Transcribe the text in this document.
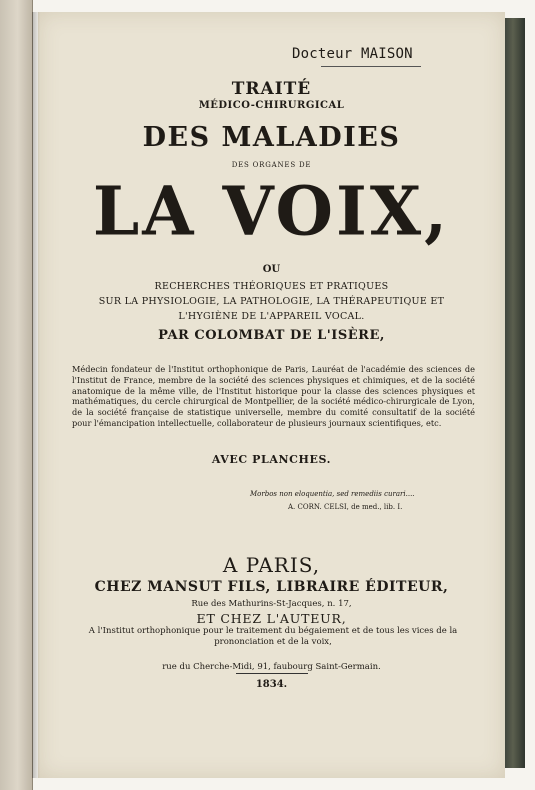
Docteur MAISON
TRAITÉ
MÉDICO-CHIRURGICAL
DES MALADIES
DES ORGANES DE
LA VOIX,
OU
RECHERCHES THÉORIQUES ET PRATIQUES
SUR LA PHYSIOLOGIE, LA PATHOLOGIE, LA THÉRAPEUTIQUE ET
L'HYGIÈNE DE L'APPAREIL VOCAL.
PAR COLOMBAT DE L'ISÈRE,
Médecin fondateur de l'Institut orthophonique de Paris, Lauréat de l'académie des sciences de l'Institut de France, membre de la société des sciences physiques et chimiques, et de la société anatomique de la même ville, de l'Institut historique pour la classe des sciences physiques et mathématiques, du cercle chirurgical de Montpellier, de la société médico-chirurgicale de Lyon, de la société française de statistique universelle, membre du comité consultatif de la société pour l'émancipation intellectuelle, collaborateur de plusieurs journaux scientifiques, etc.
AVEC PLANCHES.
Morbos non eloquentia, sed remediis curari....
A. CORN. CELSI, de med., lib. I.
A PARIS,
CHEZ MANSUT FILS, LIBRAIRE ÉDITEUR,
Rue des Mathurins-St-Jacques, n. 17,
ET CHEZ L'AUTEUR,
A l'Institut orthophonique pour le traitement du bégaiement et de tous les vices de la prononciation et de la voix,
rue du Cherche-Midi, 91, faubourg Saint-Germain.
1834.
